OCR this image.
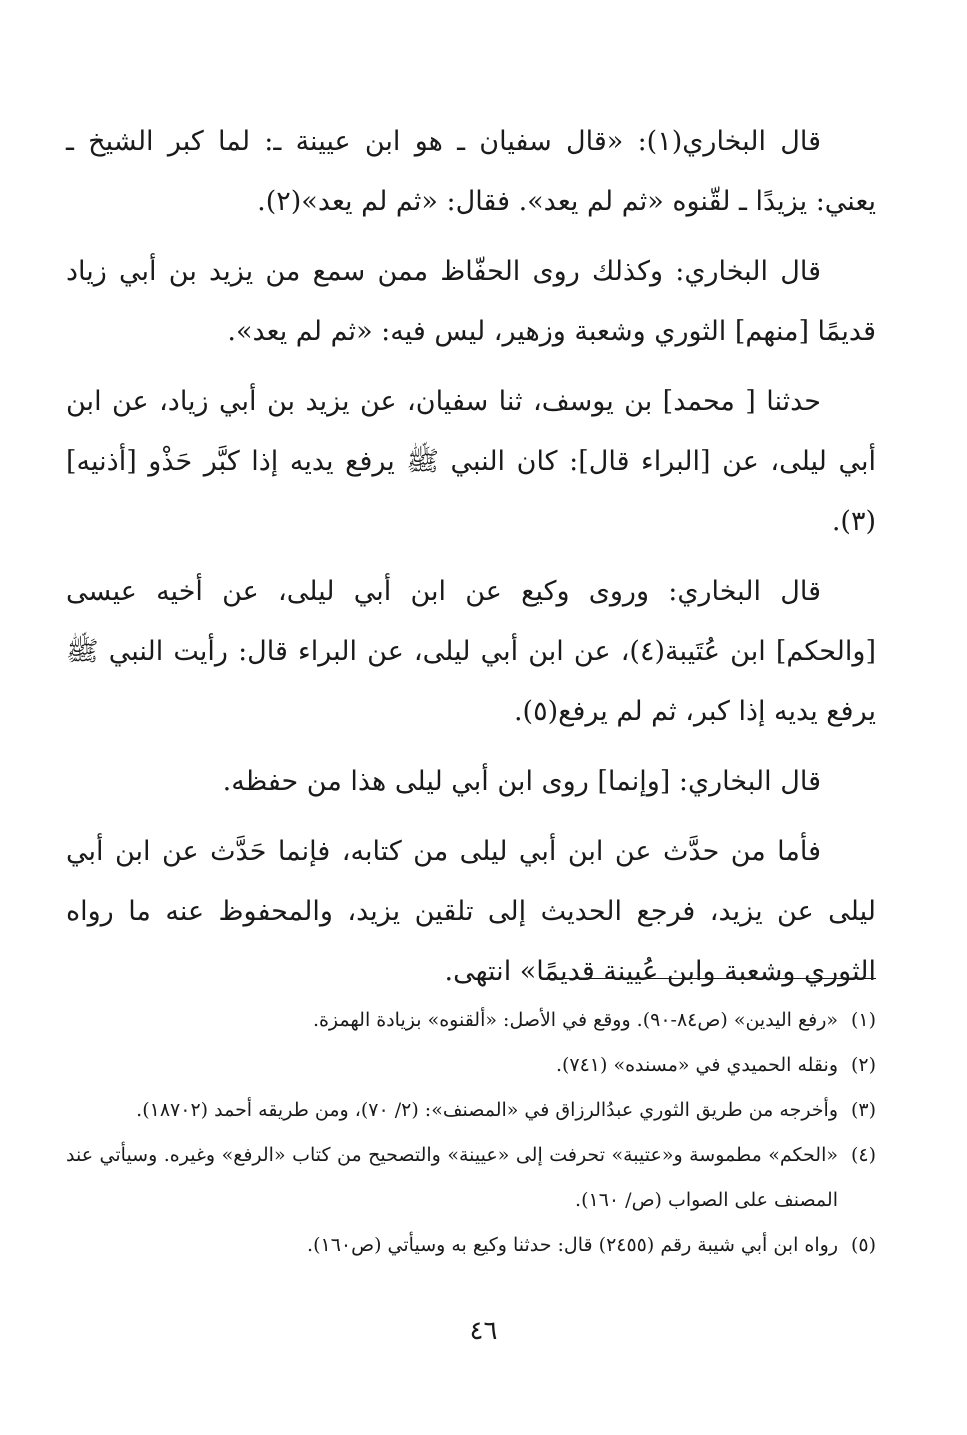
قال البخاري(١): «قال سفيان ـ هو ابن عيينة ـ: لما كبر الشيخ ـ يعني: يزيدًا ـ لقّنوه «ثم لم يعد». فقال: «ثم لم يعد»(٢).

قال البخاري: وكذلك روى الحفّاظ ممن سمع من يزيد بن أبي زياد قديمًا [منهم] الثوري وشعبة وزهير، ليس فيه: «ثم لم يعد».

حدثنا [ محمد] بن يوسف، ثنا سفيان، عن يزيد بن أبي زياد، عن ابن أبي ليلى، عن [البراء قال]: كان النبي ﷺ يرفع يديه إذا كبَّر حَذْو [أذنيه](٣).

قال البخاري: وروى وكيع عن ابن أبي ليلى، عن أخيه عيسى [والحكم] ابن عُتَيبة(٤)، عن ابن أبي ليلى، عن البراء قال: رأيت النبي ﷺ يرفع يديه إذا كبر، ثم لم يرفع(٥).

قال البخاري: [وإنما] روى ابن أبي ليلى هذا من حفظه.

فأما من حدَّث عن ابن أبي ليلى من كتابه، فإنما حَدَّث عن ابن أبي ليلى عن يزيد، فرجع الحديث إلى تلقين يزيد، والمحفوظ عنه ما رواه الثوري وشعبة وابن عُيينة قديمًا» انتهى.

(١)
«رفع اليدين» (ص٨٤-٩٠). ووقع في الأصل: «ألقنوه» بزيادة الهمزة.
(٢)
ونقله الحميدي في «مسنده» (٧٤١).
(٣)
وأخرجه من طريق الثوري عبدُالرزاق في «المصنف»: (٢/ ٧٠)، ومن طريقه أحمد (١٨٧٠٢).
(٤)
«الحكم» مطموسة و«عتيبة» تحرفت إلى «عيينة» والتصحيح من كتاب «الرفع» وغيره. وسيأتي عند المصنف على الصواب (ص/ ١٦٠).
(٥)
رواه ابن أبي شيبة رقم (٢٤٥٥) قال: حدثنا وكيع به وسيأتي (ص١٦٠).
٤٦
